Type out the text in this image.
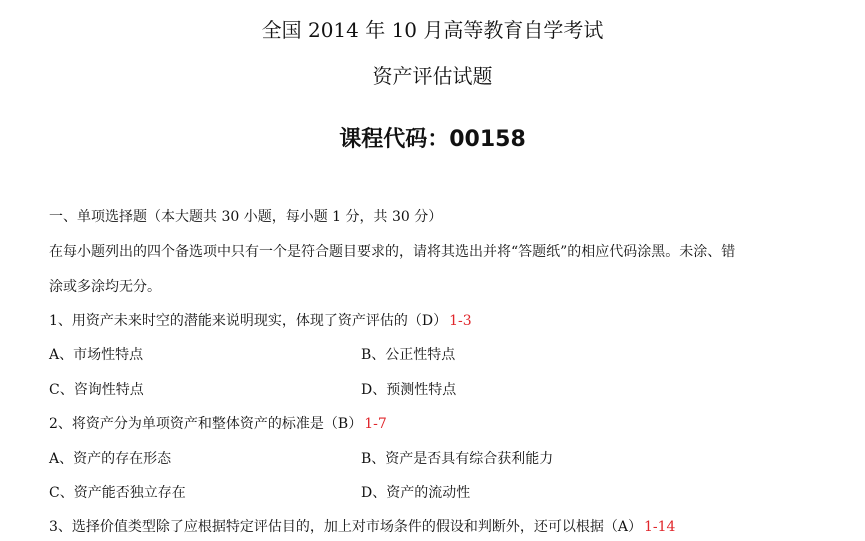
全国 2014 年 10 月高等教育自学考试
资产评估试题
课程代码：00158
一、单项选择题（本大题共 30 小题，每小题 1 分，共 30 分）
在每小题列出的四个备选项中只有一个是符合题目要求的，请将其选出并将“答题纸”的相应代码涂黑。未涂、错
涂或多涂均无分。
1、用资产未来时空的潜能来说明现实，体现了资产评估的（D） 1-3
A、市场性特点	B、公正性特点
C、咨询性特点	D、预测性特点
2、将资产分为单项资产和整体资产的标准是（B） 1-7
A、资产的存在形态	B、资产是否具有综合获利能力
C、资产能否独立存在	D、资产的流动性
3、选择价值类型除了应根据特定评估目的，加上对市场条件的假设和判断外，还可以根据（A） 1-14
